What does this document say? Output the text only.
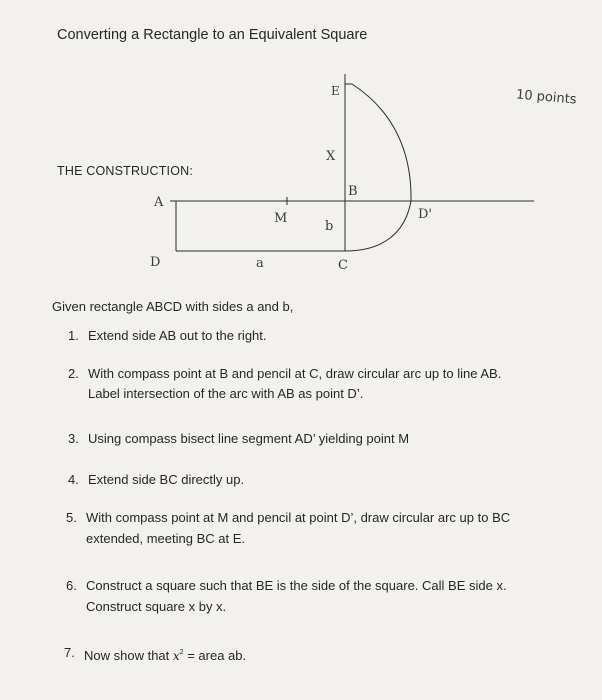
Converting a Rectangle to an Equivalent Square
10 points
THE CONSTRUCTION:
A
D
M
a
b
B
C
E
X
D'
Given rectangle ABCD with sides a and b,
1. Extend side AB out to the right.
2. With compass point at B and pencil at C, draw circular arc up to line AB.
Label intersection of the arc with AB as point D’.
3. Using compass bisect line segment AD’ yielding point M
4. Extend side BC directly up.
5. With compass point at M and pencil at point D’, draw circular arc up to BC
extended, meeting BC at E.
6. Construct a square such that BE is the side of the square. Call BE side x.
Construct square x by x.
7. Now show that $x^2$ = area ab.
